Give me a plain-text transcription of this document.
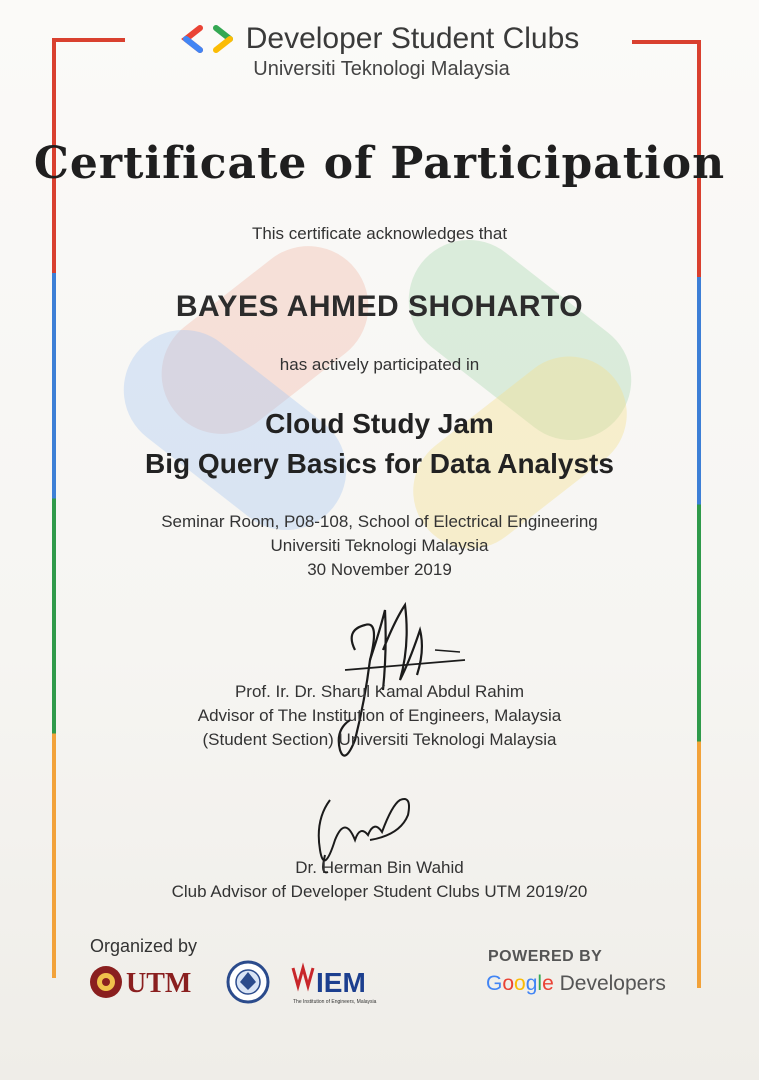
Developer Student Clubs
Universiti Teknologi Malaysia
Certificate of Participation
This certificate acknowledges that
BAYES AHMED SHOHARTO
has actively participated in
Cloud Study Jam
Big Query Basics for Data Analysts
Seminar Room, P08-108, School of Electrical Engineering
Universiti Teknologi Malaysia
30 November 2019
Prof. Ir. Dr. Sharul Kamal Abdul Rahim
Advisor of The Institution of Engineers, Malaysia
(Student Section) Universiti Teknologi Malaysia
Dr. Herman Bin Wahid
Club Advisor of Developer Student Clubs UTM 2019/20
Organized by
UTM	IEM
The Institution of Engineers, Malaysia
POWERED BY
Google Developers
